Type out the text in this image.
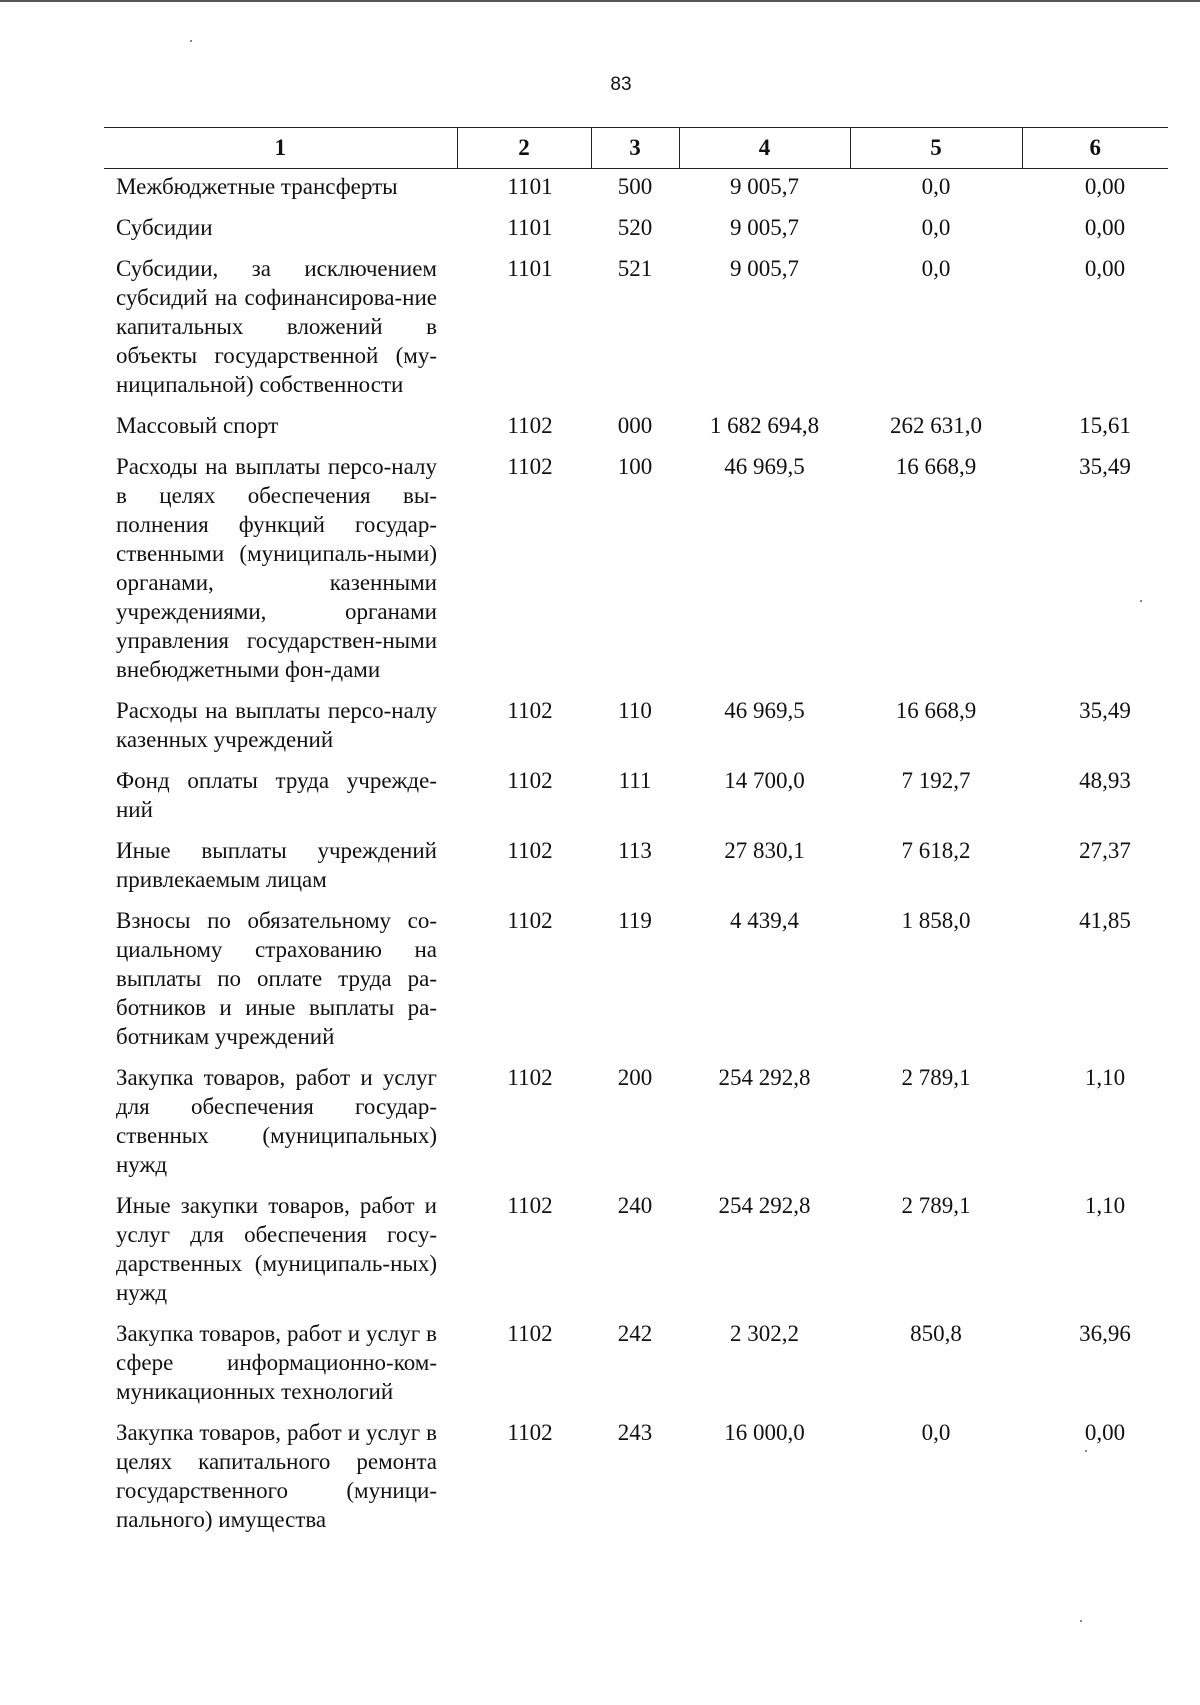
83
1	2	3	4	5	6
Межбюджетные трансферты	1101	500	9 005,7	0,0	0,00
Субсидии	1101	520	9 005,7	0,0	0,00
Субсидии, за исключением субсидий на софинансирова-ние капитальных вложений в объекты государственной (му-ниципальной) собственности	1101	521	9 005,7	0,0	0,00
Массовый спорт	1102	000	1 682 694,8	262 631,0	15,61
Расходы на выплаты персо-налу в целях обеспечения вы-полнения функций государ-ственными (муниципаль-ными) органами, казенными учреждениями, органами управления государствен-ными внебюджетными фон-дами	1102	100	46 969,5	16 668,9	35,49
Расходы на выплаты персо-налу казенных учреждений	1102	110	46 969,5	16 668,9	35,49
Фонд оплаты труда учрежде-ний	1102	111	14 700,0	7 192,7	48,93
Иные выплаты учреждений привлекаемым лицам	1102	113	27 830,1	7 618,2	27,37
Взносы по обязательному со-циальному страхованию на выплаты по оплате труда ра-ботников и иные выплаты ра-ботникам учреждений	1102	119	4 439,4	1 858,0	41,85
Закупка товаров, работ и услуг для обеспечения государ-ственных (муниципальных) нужд	1102	200	254 292,8	2 789,1	1,10
Иные закупки товаров, работ и услуг для обеспечения госу-дарственных (муниципаль-ных) нужд	1102	240	254 292,8	2 789,1	1,10
Закупка товаров, работ и услуг в сфере информационно-ком-муникационных технологий	1102	242	2 302,2	850,8	36,96
Закупка товаров, работ и услуг в целях капитального ремонта государственного (муници-пального) имущества	1102	243	16 000,0	0,0	0,00
